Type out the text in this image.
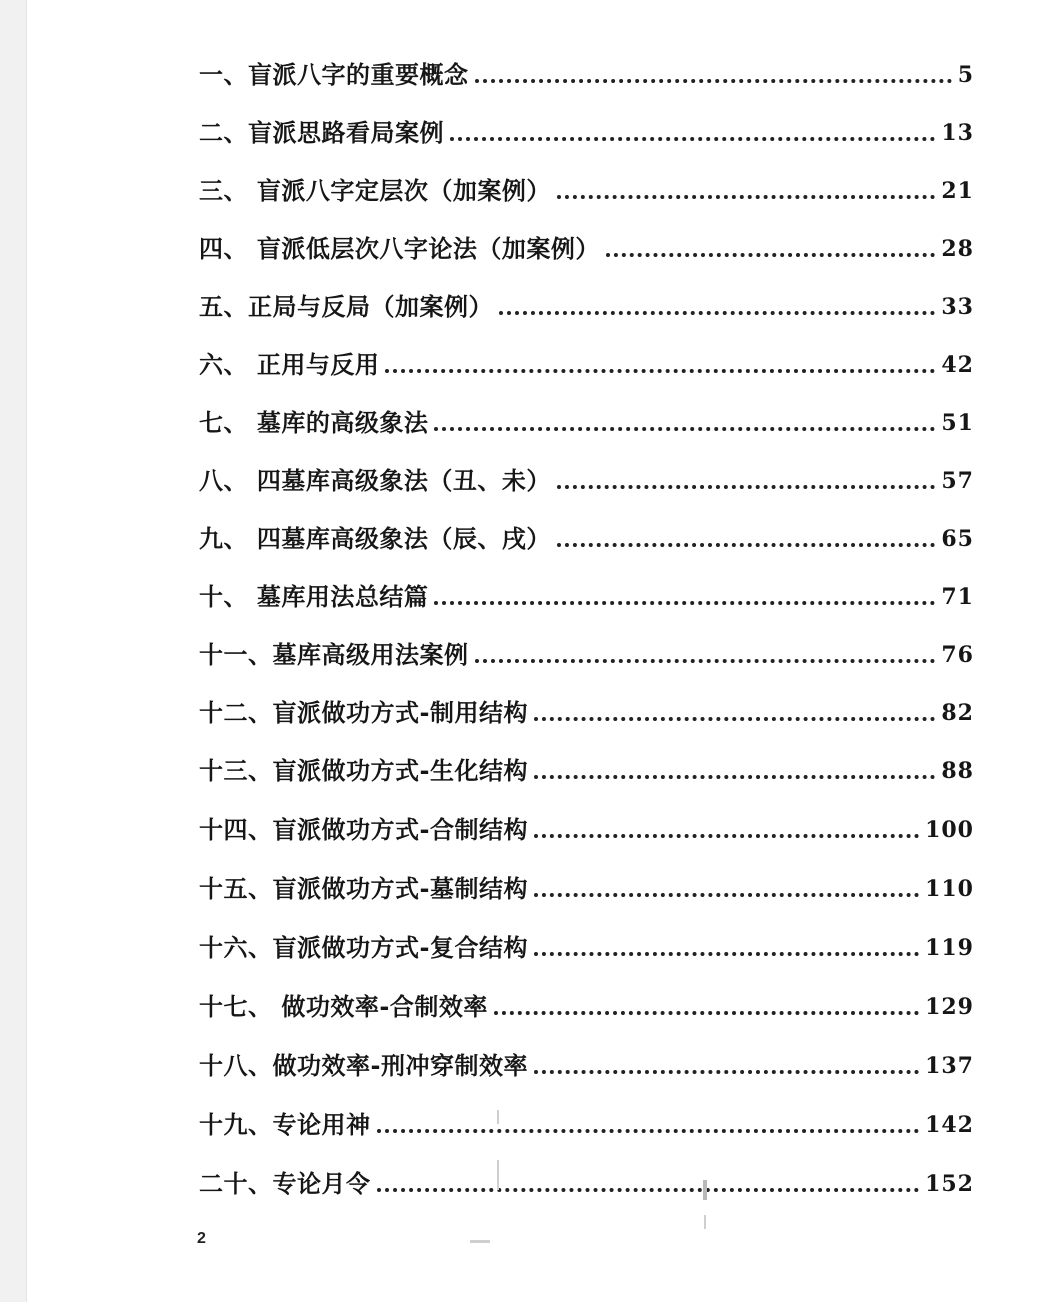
一、盲派八字的重要概念	5
二、盲派思路看局案例	13
三、 盲派八字定层次（加案例）	21
四、 盲派低层次八字论法（加案例）	28
五、正局与反局（加案例）	33
六、 正用与反用	42
七、 墓库的高级象法	51
八、 四墓库高级象法（丑、未）	57
九、 四墓库高级象法（辰、戌）	65
十、 墓库用法总结篇	71
十一、墓库高级用法案例	76
十二、盲派做功方式-制用结构	82
十三、盲派做功方式-生化结构	88
十四、盲派做功方式-合制结构	100
十五、盲派做功方式-墓制结构	110
十六、盲派做功方式-复合结构	119
十七、 做功效率-合制效率	129
十八、做功效率-刑冲穿制效率	137
十九、专论用神	142
二十、专论月令	152
2
